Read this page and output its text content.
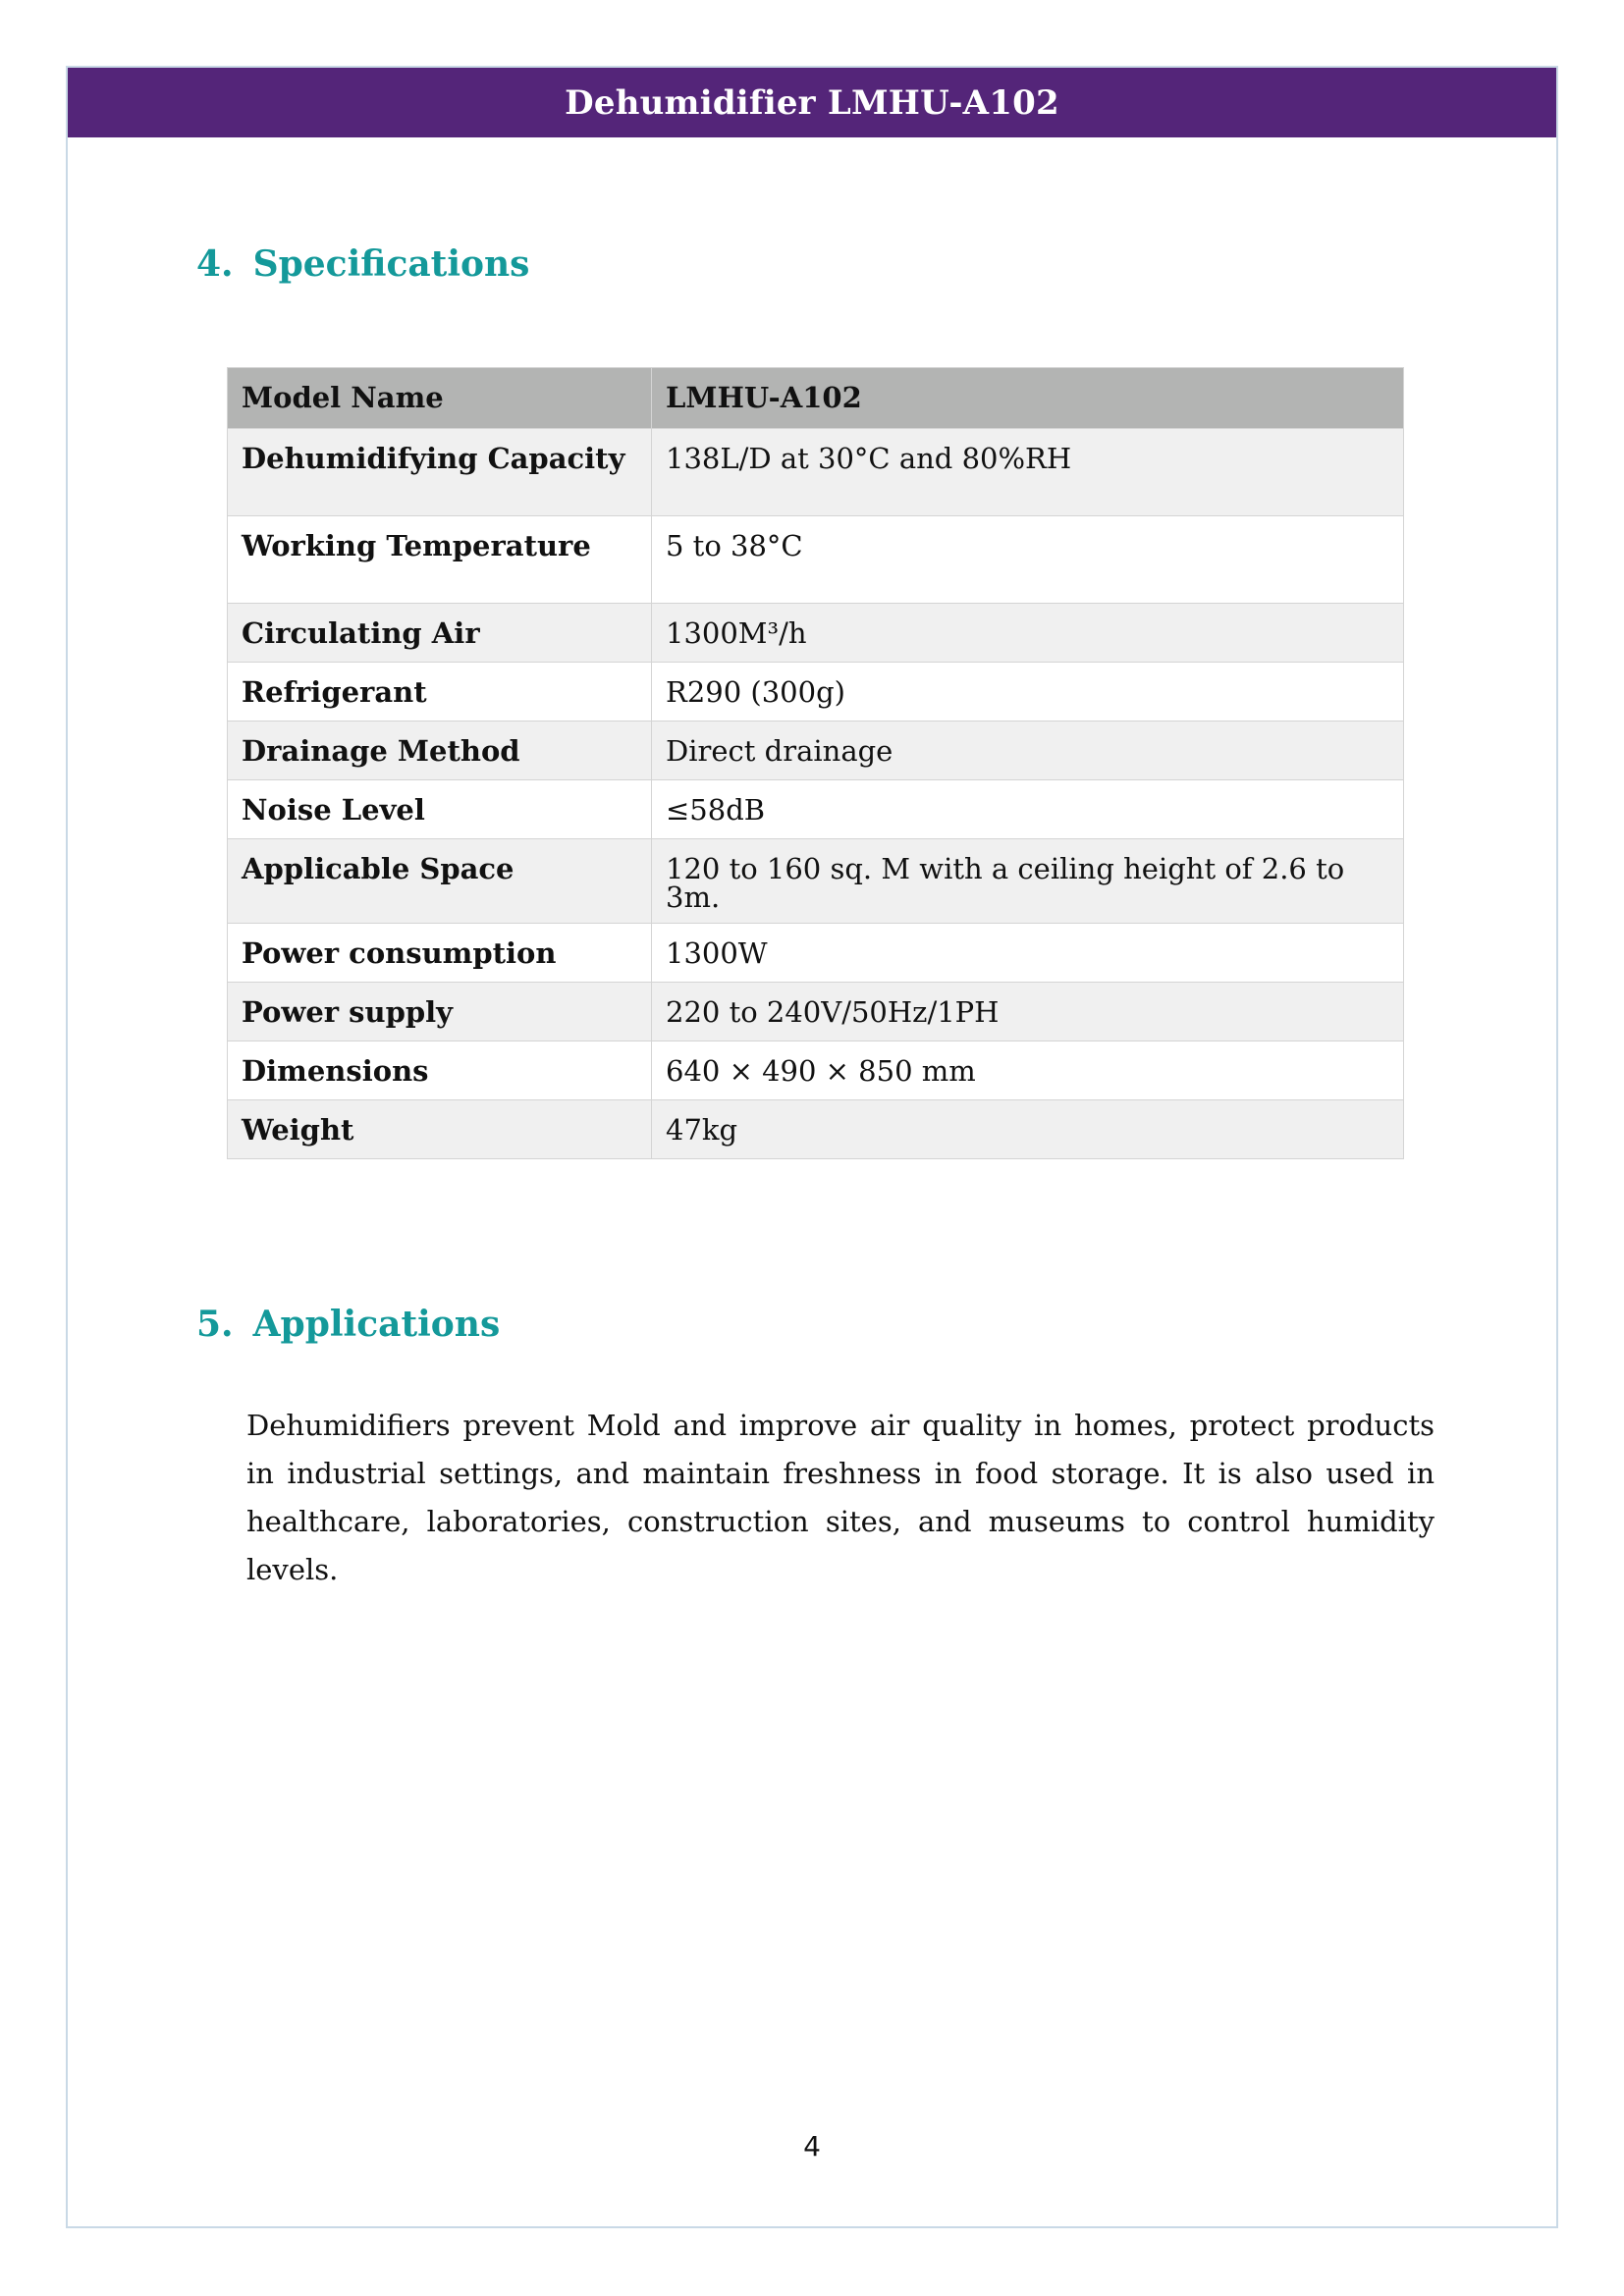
Dehumidifier LMHU-A102
4. Specifications
Model Name	LMHU-A102
Dehumidifying Capacity	138L/D at 30°C and 80%RH
Working Temperature	5 to 38°C
Circulating Air	1300M³/h
Refrigerant	R290 (300g)
Drainage Method	Direct drainage
Noise Level	≤58dB
Applicable Space	120 to 160 sq. M with a ceiling height of 2.6 to 3m.
Power consumption	1300W
Power supply	220 to 240V/50Hz/1PH
Dimensions	640 × 490 × 850 mm
Weight	47kg
5. Applications

Dehumidifiers prevent Mold and improve air quality in homes, protect products in industrial settings, and maintain freshness in food storage. It is also used in healthcare, laboratories, construction sites, and museums to control humidity levels.

4
